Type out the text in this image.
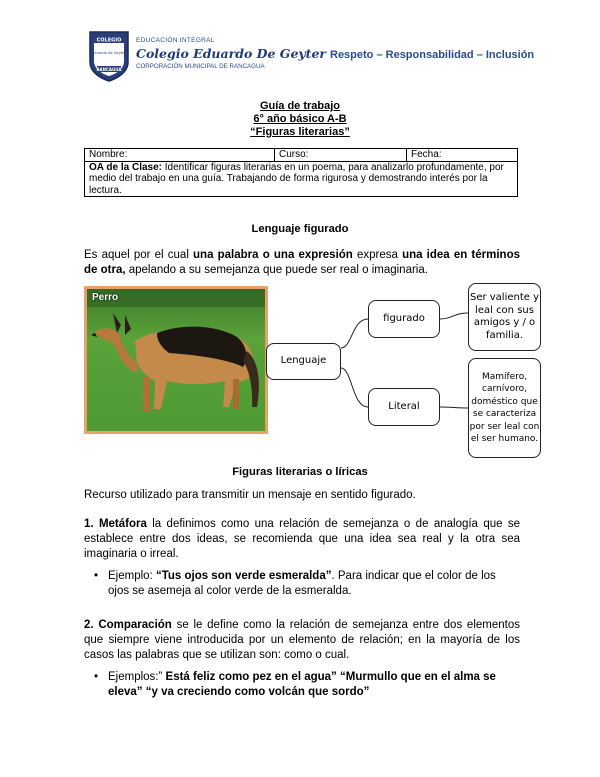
COLEGIO
Eduardo de Geyter
RANCAGUA
EDUCACIÓN INTEGRAL
Colegio Eduardo De Geyter
CORPORACIÓN MUNICIPAL DE RANCAGUA
Respeto – Responsabilidad – Inclusión
Guía de trabajo
6° año básico A-B
“Figuras literarias”
Nombre:	Curso:	Fecha:
OA de la Clase: Identificar figuras literarias en un poema, para analizarlo profundamente, por medio del trabajo en una guía. Trabajando de forma rigurosa y demostrando interés por la lectura.
Lenguaje figurado
Es aquel por el cual una palabra o una expresión expresa una idea en términos de otra, apelando a su semejanza que puede ser real o imaginaria.
Perro
Lenguaje
figurado
Literal
Ser valiente y leal con sus amigos y / o familia.
Mamífero, carnívoro, doméstico que se caracteriza por ser leal con el ser humano.
Figuras literarias o líricas
Recurso utilizado para transmitir un mensaje en sentido figurado.
1. Metáfora la definimos como una relación de semejanza o de analogía que se establece entre dos ideas, se recomienda que una idea sea real y la otra sea imaginaria o irreal.
• Ejemplo: “Tus ojos son verde esmeralda”. Para indicar que el color de los ojos se asemeja al color verde de la esmeralda.
2. Comparación se le define como la relación de semejanza entre dos elementos que siempre viene introducida por un elemento de relación; en la mayoría de los casos las palabras que se utilizan son: como o cual.
• Ejemplos:” Está feliz como pez en el agua” “Murmullo que en el alma se eleva” “y va creciendo como volcán que sordo”
